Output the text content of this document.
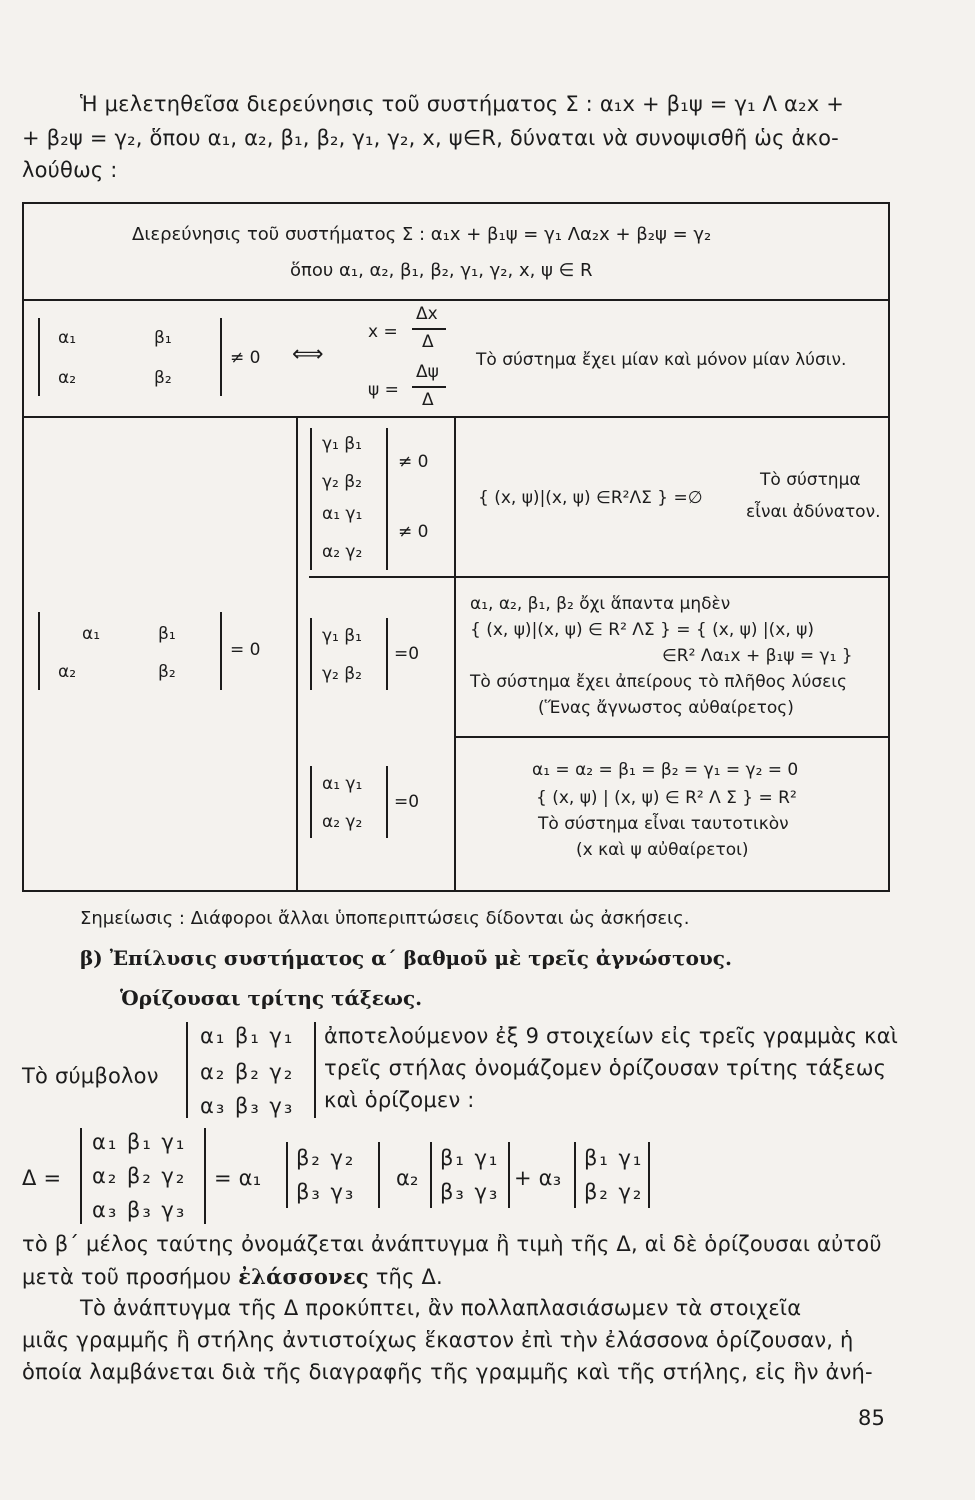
Ἡ μελετηθεῖσα διερεύνησις τοῦ συστήματος Σ : α₁x + β₁ψ = γ₁ Λ α₂x +
+ β₂ψ = γ₂, ὅπου α₁, α₂, β₁, β₂, γ₁, γ₂, x, ψ∈R, δύναται νὰ συνοψισθῆ ὡς ἀκο-
λούθως :
Διερεύνησις τοῦ συστήματος Σ : α₁x + β₁ψ = γ₁ Λα₂x + β₂ψ = γ₂
ὅπου α₁, α₂, β₁, β₂, γ₁, γ₂, x, ψ ∈ R
α₁	β₁
α₂	β₂
≠ 0 ⟺
x =
Δx
Δ
ψ =
Δψ
Δ
Τὸ σύστημα ἔχει μίαν καὶ μόνον μίαν λύσιν.
γ₁ β₁
γ₂ β₂
≠ 0
α₁ γ₁
α₂ γ₂
≠ 0
{ (x, ψ)|(x, ψ) ∈R²ΛΣ } =∅
Τὸ σύστημα
εἶναι ἀδύνατον.
α₁	β₁
α₂	β₂
= 0
γ₁ β₁
γ₂ β₂
=0
α₁, α₂, β₁, β₂ ὄχι ἅπαντα μηδὲν
{ (x, ψ)|(x, ψ) ∈ R² ΛΣ } = { (x, ψ) |(x, ψ)
∈R² Λα₁x + β₁ψ = γ₁ }
Τὸ σύστημα ἔχει ἀπείρους τὸ πλῆθος λύσεις
(Ἕνας ἄγνωστος αὐθαίρετος)
α₁ γ₁
α₂ γ₂
=0
α₁ = α₂ = β₁ = β₂ = γ₁ = γ₂ = 0
{ (x, ψ) | (x, ψ) ∈ R² Λ Σ } = R²
Τὸ σύστημα εἶναι ταυτοτικὸν
(x καὶ ψ αὐθαίρετοι)
Σημείωσις : Διάφοροι ἄλλαι ὑποπεριπτώσεις δίδονται ὡς ἀσκήσεις.
β) Ἐπίλυσις συστήματος α΄ βαθμοῦ μὲ τρεῖς ἀγνώστους.
Ὁρίζουσαι τρίτης τάξεως.
Τὸ σύμβολον
α₁ β₁ γ₁
α₂ β₂ γ₂
α₃ β₃ γ₃
ἀποτελούμενον ἐξ 9 στοιχείων εἰς τρεῖς γραμμὰς καὶ
τρεῖς στήλας ὀνομάζομεν ὁρίζουσαν τρίτης τάξεως
καὶ ὁρίζομεν :
Δ =
α₁ β₁ γ₁
α₂ β₂ γ₂
α₃ β₃ γ₃
= α₁
β₂ γ₂
β₃ γ₃
α₂
β₁ γ₁
β₃ γ₃
+ α₃
β₁ γ₁
β₂ γ₂
τὸ β΄ μέλος ταύτης ὀνομάζεται ἀνάπτυγμα ἢ τιμὴ τῆς Δ, αἱ δὲ ὁρίζουσαι αὐτοῦ
μετὰ τοῦ προσήμου ἐλάσσονες τῆς Δ.
Τὸ ἀνάπτυγμα τῆς Δ προκύπτει, ἂν πολλαπλασιάσωμεν τὰ στοιχεῖα
μιᾶς γραμμῆς ἢ στήλης ἀντιστοίχως ἕκαστον ἐπὶ τὴν ἐλάσσονα ὁρίζουσαν, ἡ
ὁποία λαμβάνεται διὰ τῆς διαγραφῆς τῆς γραμμῆς καὶ τῆς στήλης, εἰς ἣν ἀνή-
85
